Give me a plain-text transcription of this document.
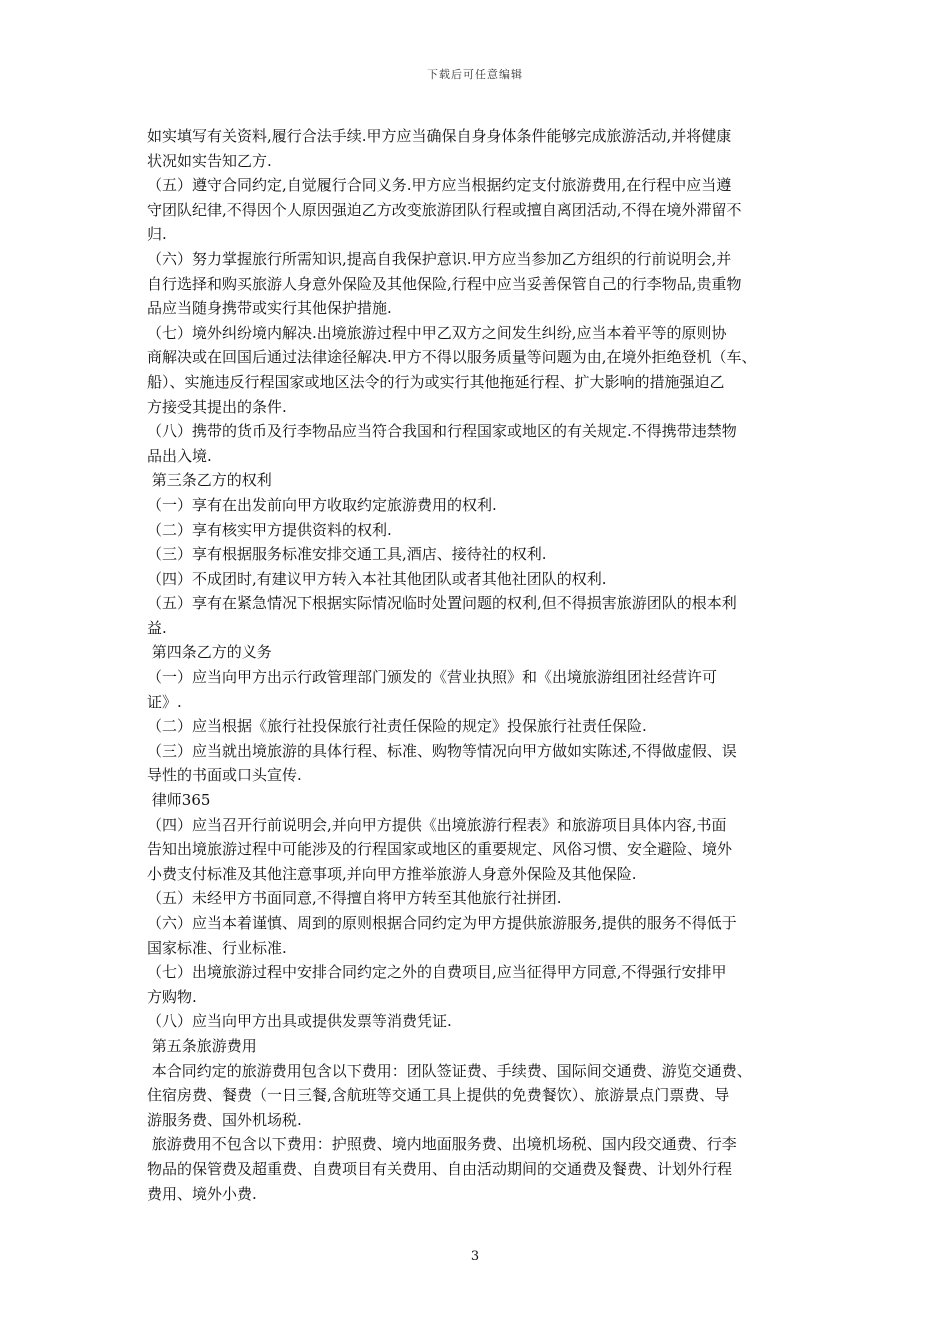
下载后可任意编辑

如实填写有关资料,履行合法手续.甲方应当确保自身身体条件能够完成旅游活动,并将健康

状况如实告知乙方.

（五）遵守合同约定,自觉履行合同义务.甲方应当根据约定支付旅游费用,在行程中应当遵

守团队纪律,不得因个人原因强迫乙方改变旅游团队行程或擅自离团活动,不得在境外滞留不

归.

（六）努力掌握旅行所需知识,提高自我保护意识.甲方应当参加乙方组织的行前说明会,并

自行选择和购买旅游人身意外保险及其他保险,行程中应当妥善保管自己的行李物品,贵重物

品应当随身携带或实行其他保护措施.

（七）境外纠纷境内解决.出境旅游过程中甲乙双方之间发生纠纷,应当本着平等的原则协

商解决或在回国后通过法律途径解决.甲方不得以服务质量等问题为由,在境外拒绝登机（车、

船）、实施违反行程国家或地区法令的行为或实行其他拖延行程、扩大影响的措施强迫乙

方接受其提出的条件.

（八）携带的货币及行李物品应当符合我国和行程国家或地区的有关规定.不得携带违禁物

品出入境.

第三条乙方的权利

（一）享有在出发前向甲方收取约定旅游费用的权利.

（二）享有核实甲方提供资料的权利.

（三）享有根据服务标准安排交通工具,酒店、接待社的权利.

（四）不成团时,有建议甲方转入本社其他团队或者其他社团队的权利.

（五）享有在紧急情况下根据实际情况临时处置问题的权利,但不得损害旅游团队的根本利

益.

第四条乙方的义务

（一）应当向甲方出示行政管理部门颁发的《营业执照》和《出境旅游组团社经营许可

证》.

（二）应当根据《旅行社投保旅行社责任保险的规定》投保旅行社责任保险.

（三）应当就出境旅游的具体行程、标准、购物等情况向甲方做如实陈述,不得做虚假、误

导性的书面或口头宣传.

律师365

（四）应当召开行前说明会,并向甲方提供《出境旅游行程表》和旅游项目具体内容,书面

告知出境旅游过程中可能涉及的行程国家或地区的重要规定、风俗习惯、安全避险、境外

小费支付标准及其他注意事项,并向甲方推举旅游人身意外保险及其他保险.

（五）未经甲方书面同意,不得擅自将甲方转至其他旅行社拼团.

（六）应当本着谨慎、周到的原则根据合同约定为甲方提供旅游服务,提供的服务不得低于

国家标准、行业标准.

（七）出境旅游过程中安排合同约定之外的自费项目,应当征得甲方同意,不得强行安排甲

方购物.

（八）应当向甲方出具或提供发票等消费凭证.

第五条旅游费用

本合同约定的旅游费用包含以下费用：团队签证费、手续费、国际间交通费、游览交通费、

住宿房费、餐费（一日三餐,含航班等交通工具上提供的免费餐饮）、旅游景点门票费、导

游服务费、国外机场税.

旅游费用不包含以下费用：护照费、境内地面服务费、出境机场税、国内段交通费、行李

物品的保管费及超重费、自费项目有关费用、自由活动期间的交通费及餐费、计划外行程

费用、境外小费.

3
